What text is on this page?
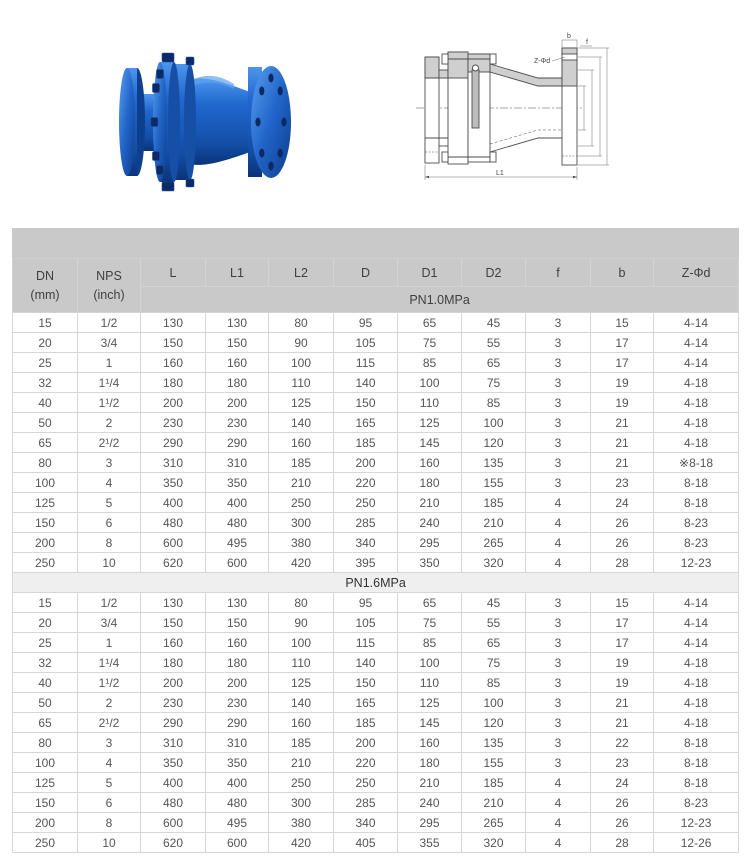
b
f
Z-Φd
L1

DN
(mm)	NPS
(inch)	L	L1	L2	D	D1	D2	f	b	Z-Φd
		PN1.0MPa								
15	1/2	130	130	80	95	65	45	3	15	4-14
20	3/4	150	150	90	105	75	55	3	17	4-14
25	1	160	160	100	115	85	65	3	17	4-14
32	1¹/4	180	180	110	140	100	75	3	19	4-18
40	1¹/2	200	200	125	150	110	85	3	19	4-18
50	2	230	230	140	165	125	100	3	21	4-18
65	2¹/2	290	290	160	185	145	120	3	21	4-18
80	3	310	310	185	200	160	135	3	21	※8-18
100	4	350	350	210	220	180	155	3	23	8-18
125	5	400	400	250	250	210	185	4	24	8-18
150	6	480	480	300	285	240	210	4	26	8-23
200	8	600	495	380	340	295	265	4	26	8-23
250	10	620	600	420	395	350	320	4	28	12-23
PN1.6MPa										
15	1/2	130	130	80	95	65	45	3	15	4-14
20	3/4	150	150	90	105	75	55	3	17	4-14
25	1	160	160	100	115	85	65	3	17	4-14
32	1¹/4	180	180	110	140	100	75	3	19	4-18
40	1¹/2	200	200	125	150	110	85	3	19	4-18
50	2	230	230	140	165	125	100	3	21	4-18
65	2¹/2	290	290	160	185	145	120	3	21	4-18
80	3	310	310	185	200	160	135	3	22	8-18
100	4	350	350	210	220	180	155	3	23	8-18
125	5	400	400	250	250	210	185	4	24	8-18
150	6	480	480	300	285	240	210	4	26	8-23
200	8	600	495	380	340	295	265	4	26	12-23
250	10	620	600	420	405	355	320	4	28	12-26
